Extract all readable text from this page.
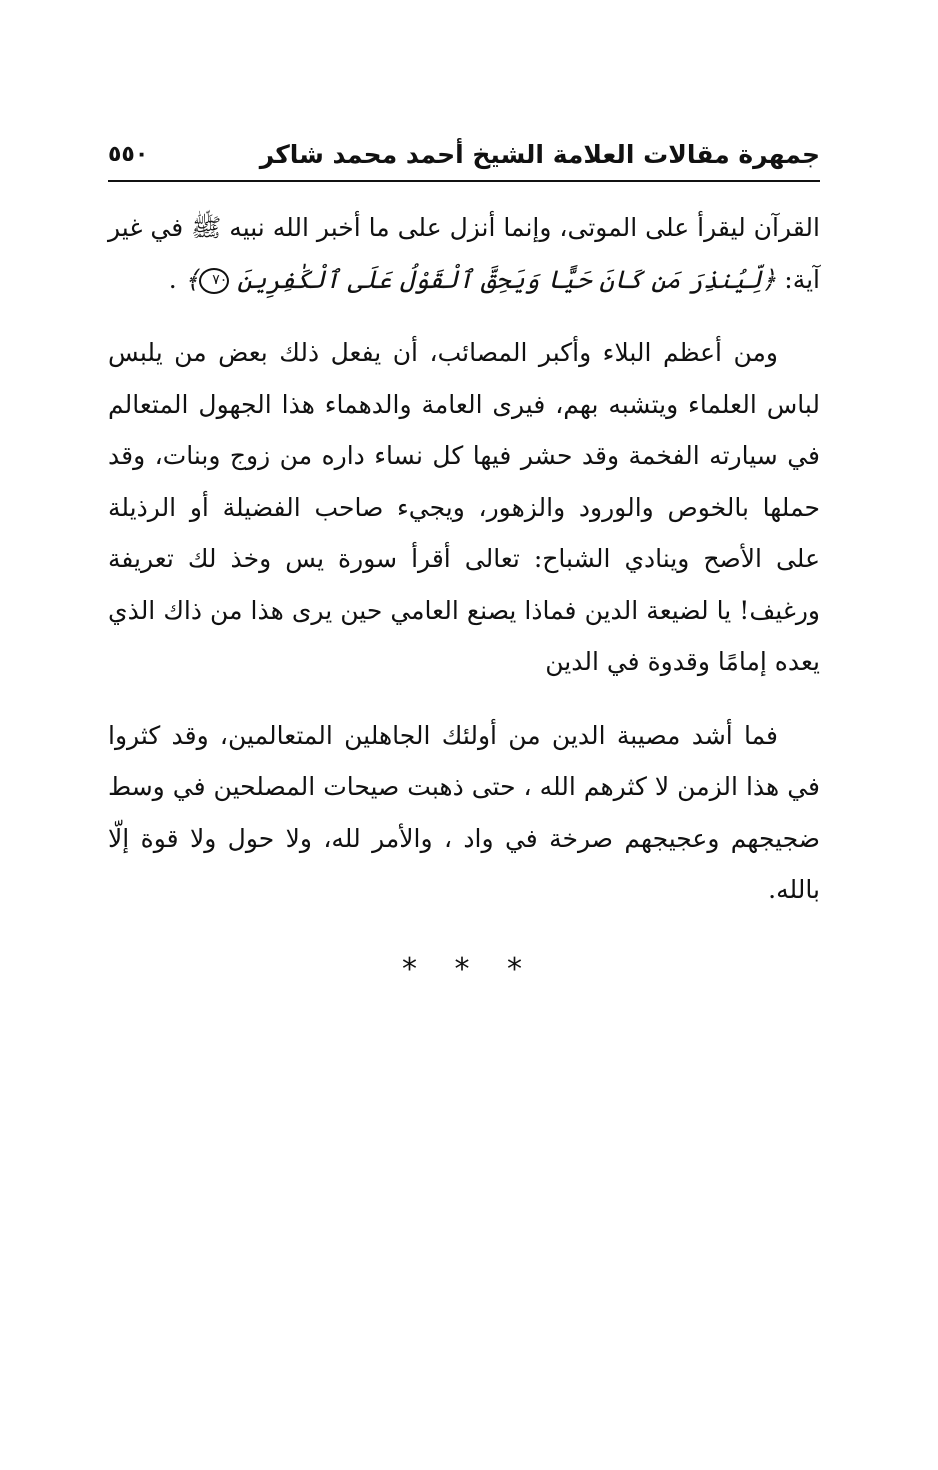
جمهرة مقالات العلامة الشيخ أحمد محمد شاكر
٥٥٠

القرآن ليقرأ على الموتى، وإنما أنزل على ما أخبر الله نبيه ﷺ في غير آية: ﴿لِّيُنذِرَ مَن كَانَ حَيًّا وَيَحِقَّ ٱلْقَوْلُ عَلَى ٱلْكَٰفِرِينَ ٧٠﴾ .

ومن أعظم البلاء وأكبر المصائب، أن يفعل ذلك بعض من يلبس لباس العلماء ويتشبه بهم، فيرى العامة والدهماء هذا الجهول المتعالم في سيارته الفخمة وقد حشر فيها كل نساء داره من زوج وبنات، وقد حملها بالخوص والورود والزهور، ويجيء صاحب الفضيلة أو الرذيلة على الأصح وينادي الشباح: تعالى أقرأ سورة يس وخذ لك تعريفة ورغيف! يا لضيعة الدين فماذا يصنع العامي حين يرى هذا من ذاك الذي يعده إمامًا وقدوة في الدين

فما أشد مصيبة الدين من أولئك الجاهلين المتعالمين، وقد كثروا في هذا الزمن لا كثرهم الله ، حتى ذهبت صيحات المصلحين في وسط ضجيجهم وعجيجهم صرخة في واد ، والأمر لله، ولا حول ولا قوة إلّا بالله.

* * *
